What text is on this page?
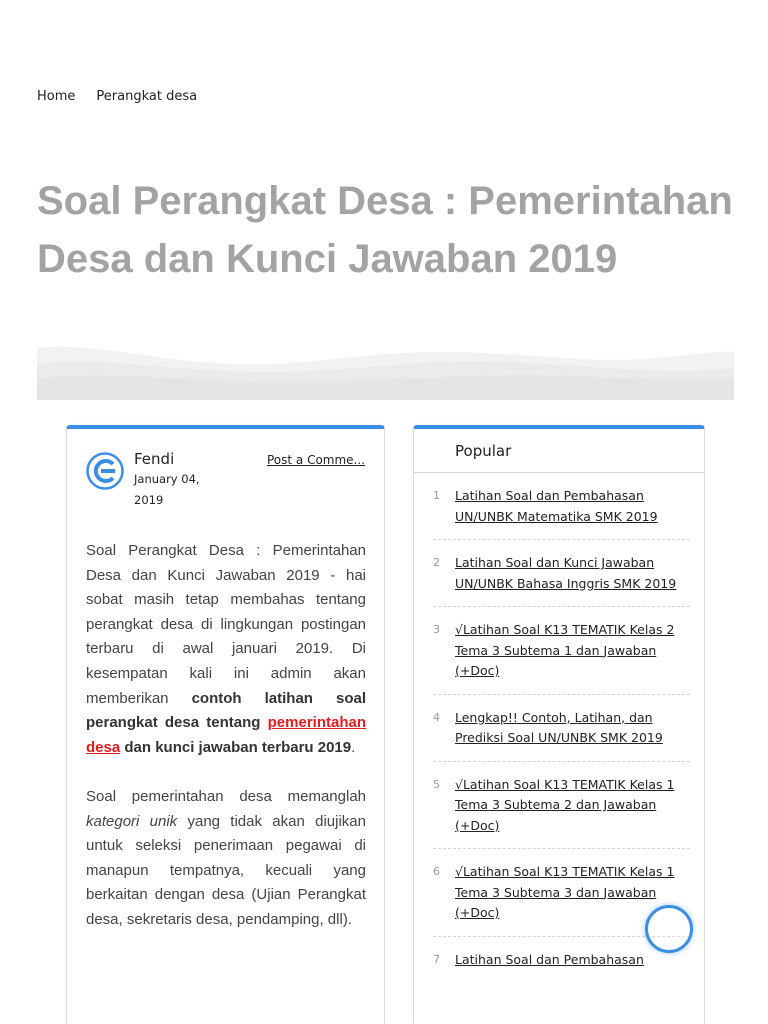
Home Perangkat desa
Soal Perangkat Desa : Pemerintahan Desa dan Kunci Jawaban 2019
Fendi
January 04, 2019
Post a Comme...

Soal Perangkat Desa : Pemerintahan Desa dan Kunci Jawaban 2019 - hai sobat masih tetap membahas tentang perangkat desa di lingkungan postingan terbaru di awal januari 2019. Di kesempatan kali ini admin akan memberikan contoh latihan soal perangkat desa tentang pemerintahan desa dan kunci jawaban terbaru 2019.

Soal pemerintahan desa memanglah kategori unik yang tidak akan diujikan untuk seleksi penerimaan pegawai di manapun tempatnya, kecuali yang berkaitan dengan desa (Ujian Perangkat desa, sekretaris desa, pendamping, dll).

Popular
1	Latihan Soal dan Pembahasan UN/UNBK Matematika SMK 2019
2	Latihan Soal dan Kunci Jawaban UN/UNBK Bahasa Inggris SMK 2019
3	√Latihan Soal K13 TEMATIK Kelas 2 Tema 3 Subtema 1 dan Jawaban (+Doc)
4	Lengkap!! Contoh, Latihan, dan Prediksi Soal UN/UNBK SMK 2019
5	√Latihan Soal K13 TEMATIK Kelas 1 Tema 3 Subtema 2 dan Jawaban (+Doc)
6	√Latihan Soal K13 TEMATIK Kelas 1 Tema 3 Subtema 3 dan Jawaban (+Doc)
7	Latihan Soal dan Pembahasan
